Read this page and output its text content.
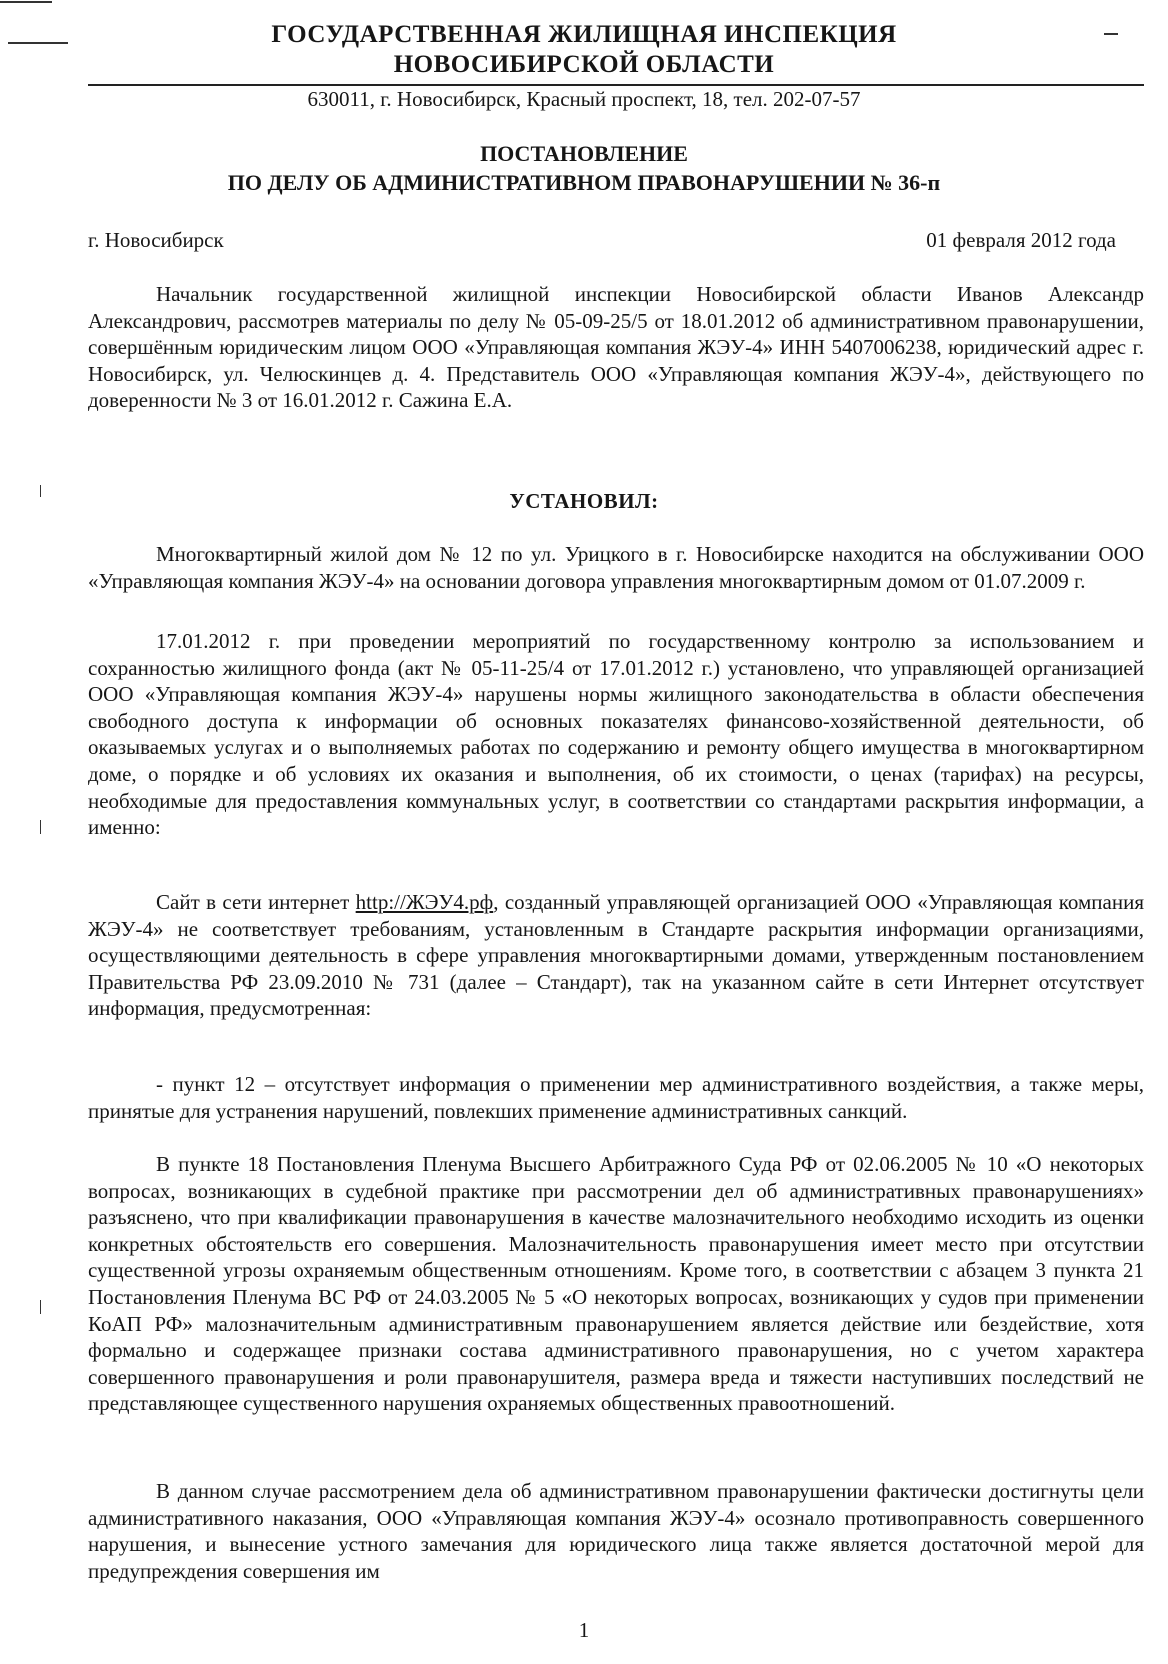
ГОСУДАРСТВЕННАЯ ЖИЛИЩНАЯ ИНСПЕКЦИЯ
НОВОСИБИРСКОЙ ОБЛАСТИ
630011, г. Новосибирск, Красный проспект, 18, тел. 202-07-57
ПОСТАНОВЛЕНИЕ
ПО ДЕЛУ ОБ АДМИНИСТРАТИВНОМ ПРАВОНАРУШЕНИИ № 36-п
г. Новосибирск	01 февраля 2012 года

Начальник государственной жилищной инспекции Новосибирской области Иванов Александр Александрович, рассмотрев материалы по делу № 05-09-25/5 от 18.01.2012 об административном правонарушении, совершённым юридическим лицом ООО «Управляющая компания ЖЭУ-4» ИНН 5407006238, юридический адрес г. Новосибирск, ул. Челюскинцев д. 4. Представитель ООО «Управляющая компания ЖЭУ-4», действующего по доверенности № 3 от 16.01.2012 г. Сажина Е.А.

УСТАНОВИЛ:

Многоквартирный жилой дом № 12 по ул. Урицкого в г. Новосибирске находится на обслуживании ООО «Управляющая компания ЖЭУ-4» на основании договора управления многоквартирным домом от 01.07.2009 г.

17.01.2012 г. при проведении мероприятий по государственному контролю за использованием и сохранностью жилищного фонда (акт № 05-11-25/4 от 17.01.2012 г.) установлено, что управляющей организацией ООО «Управляющая компания ЖЭУ-4» нарушены нормы жилищного законодательства в области обеспечения свободного доступа к информации об основных показателях финансово-хозяйственной деятельности, об оказываемых услугах и о выполняемых работах по содержанию и ремонту общего имущества в многоквартирном доме, о порядке и об условиях их оказания и выполнения, об их стоимости, о ценах (тарифах) на ресурсы, необходимые для предоставления коммунальных услуг, в соответствии со стандартами раскрытия информации, а именно:

Сайт в сети интернет http://ЖЭУ4.рф, созданный управляющей организацией ООО «Управляющая компания ЖЭУ-4» не соответствует требованиям, установленным в Стандарте раскрытия информации организациями, осуществляющими деятельность в сфере управления многоквартирными домами, утвержденным постановлением Правительства РФ 23.09.2010 № 731 (далее – Стандарт), так на указанном сайте в сети Интернет отсутствует информация, предусмотренная:

- пункт 12 – отсутствует информация о применении мер административного воздействия, а также меры, принятые для устранения нарушений, повлекших применение административных санкций.

В пункте 18 Постановления Пленума Высшего Арбитражного Суда РФ от 02.06.2005 № 10 «О некоторых вопросах, возникающих в судебной практике при рассмотрении дел об административных правонарушениях» разъяснено, что при квалификации правонарушения в качестве малозначительного необходимо исходить из оценки конкретных обстоятельств его совершения. Малозначительность правонарушения имеет место при отсутствии существенной угрозы охраняемым общественным отношениям. Кроме того, в соответствии с абзацем 3 пункта 21 Постановления Пленума ВС РФ от 24.03.2005 № 5 «О некоторых вопросах, возникающих у судов при применении КоАП РФ» малозначительным административным правонарушением является действие или бездействие, хотя формально и содержащее признаки состава административного правонарушения, но с учетом характера совершенного правонарушения и роли правонарушителя, размера вреда и тяжести наступивших последствий не представляющее существенного нарушения охраняемых общественных правоотношений.

В данном случае рассмотрением дела об административном правонарушении фактически достигнуты цели административного наказания, ООО «Управляющая компания ЖЭУ-4» осознало противоправность совершенного нарушения, и вынесение устного замечания для юридического лица также является достаточной мерой для предупреждения совершения им

1
